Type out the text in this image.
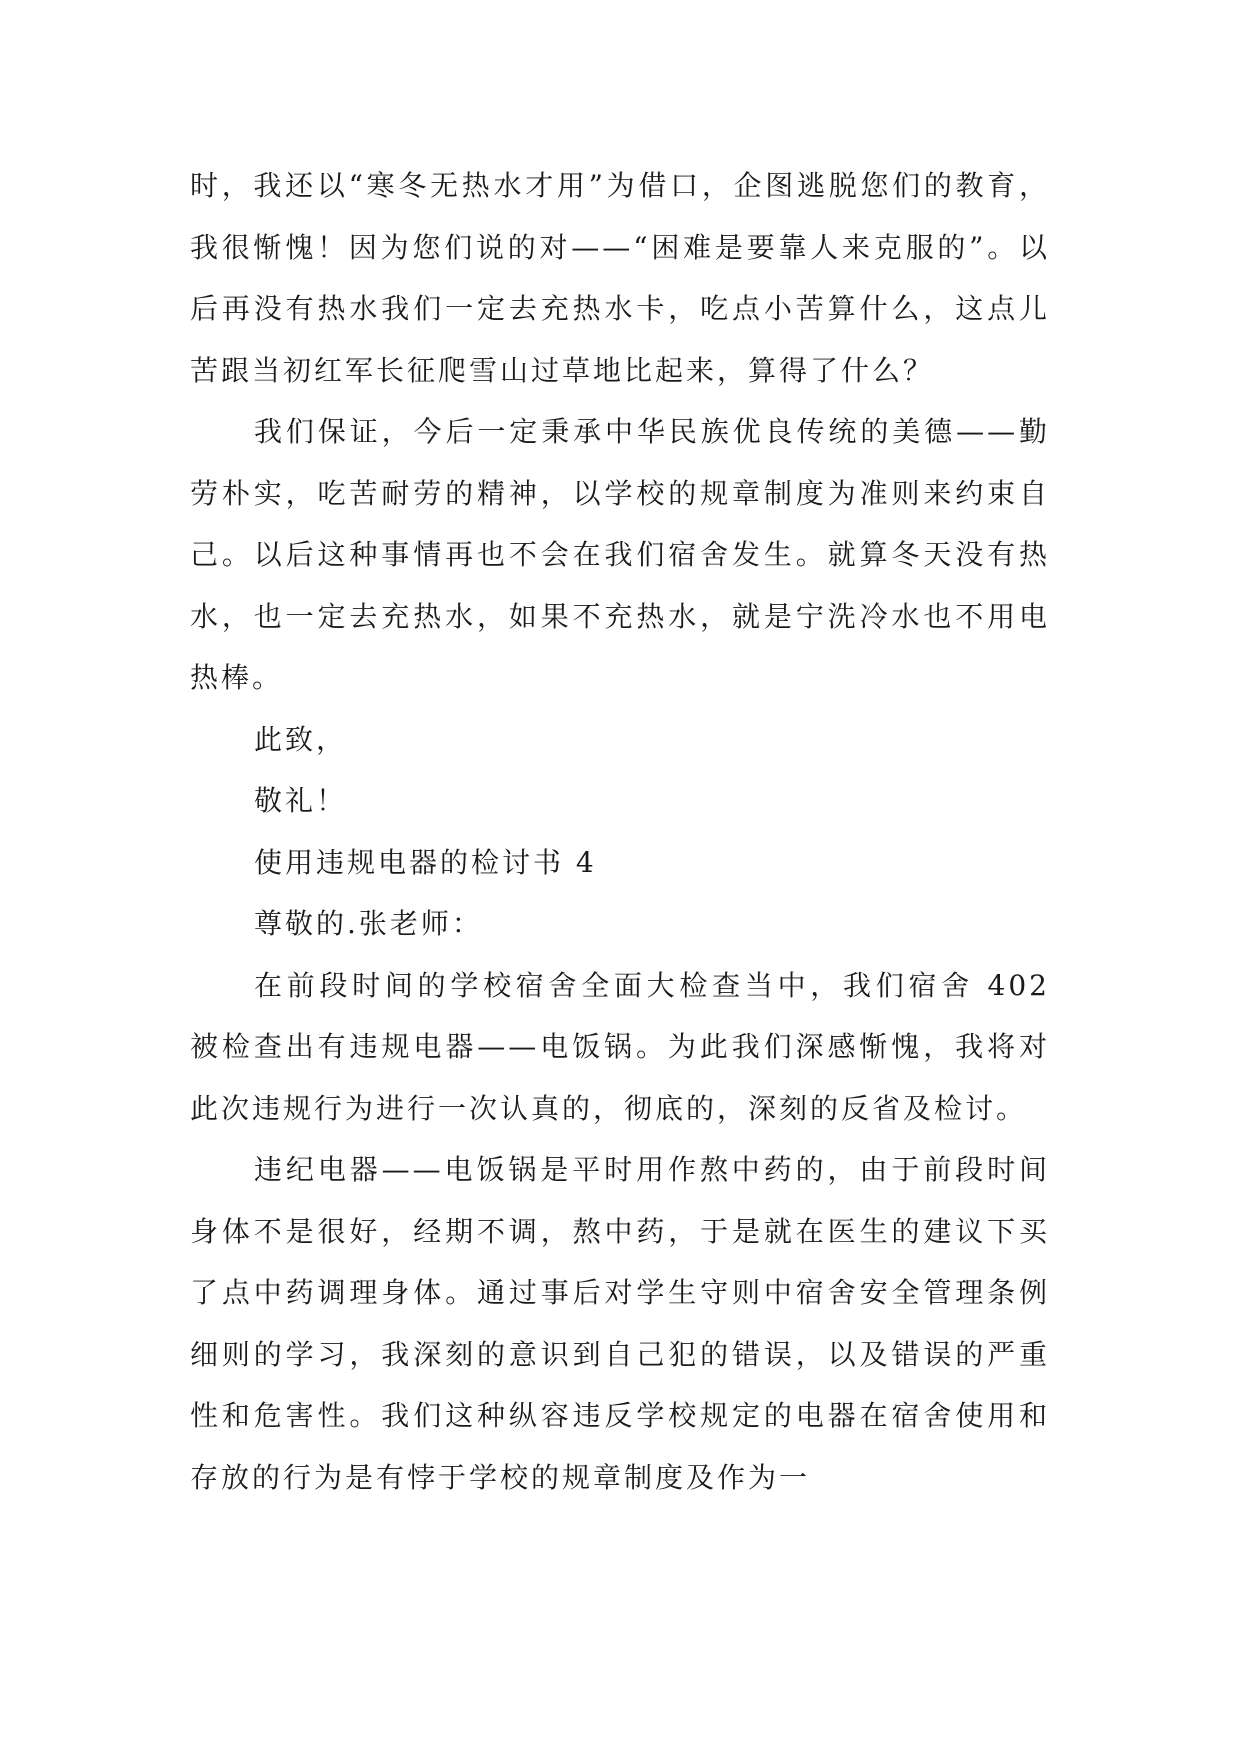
时，我还以“寒冬无热水才用”为借口，企图逃脱您们的教育，我很惭愧！因为您们说的对——“困难是要靠人来克服的”。以后再没有热水我们一定去充热水卡，吃点小苦算什么，这点儿苦跟当初红军长征爬雪山过草地比起来，算得了什么？

我们保证，今后一定秉承中华民族优良传统的美德——勤劳朴实，吃苦耐劳的精神，以学校的规章制度为准则来约束自己。以后这种事情再也不会在我们宿舍发生。就算冬天没有热水，也一定去充热水，如果不充热水，就是宁洗冷水也不用电热棒。

此致，

敬礼！

使用违规电器的检讨书 4

尊敬的.张老师：

在前段时间的学校宿舍全面大检查当中，我们宿舍 402 被检查出有违规电器——电饭锅。为此我们深感惭愧，我将对此次违规行为进行一次认真的，彻底的，深刻的反省及检讨。

违纪电器——电饭锅是平时用作熬中药的，由于前段时间身体不是很好，经期不调，熬中药，于是就在医生的建议下买了点中药调理身体。通过事后对学生守则中宿舍安全管理条例细则的学习，我深刻的意识到自己犯的错误，以及错误的严重性和危害性。我们这种纵容违反学校规定的电器在宿舍使用和存放的行为是有悖于学校的规章制度及作为一
